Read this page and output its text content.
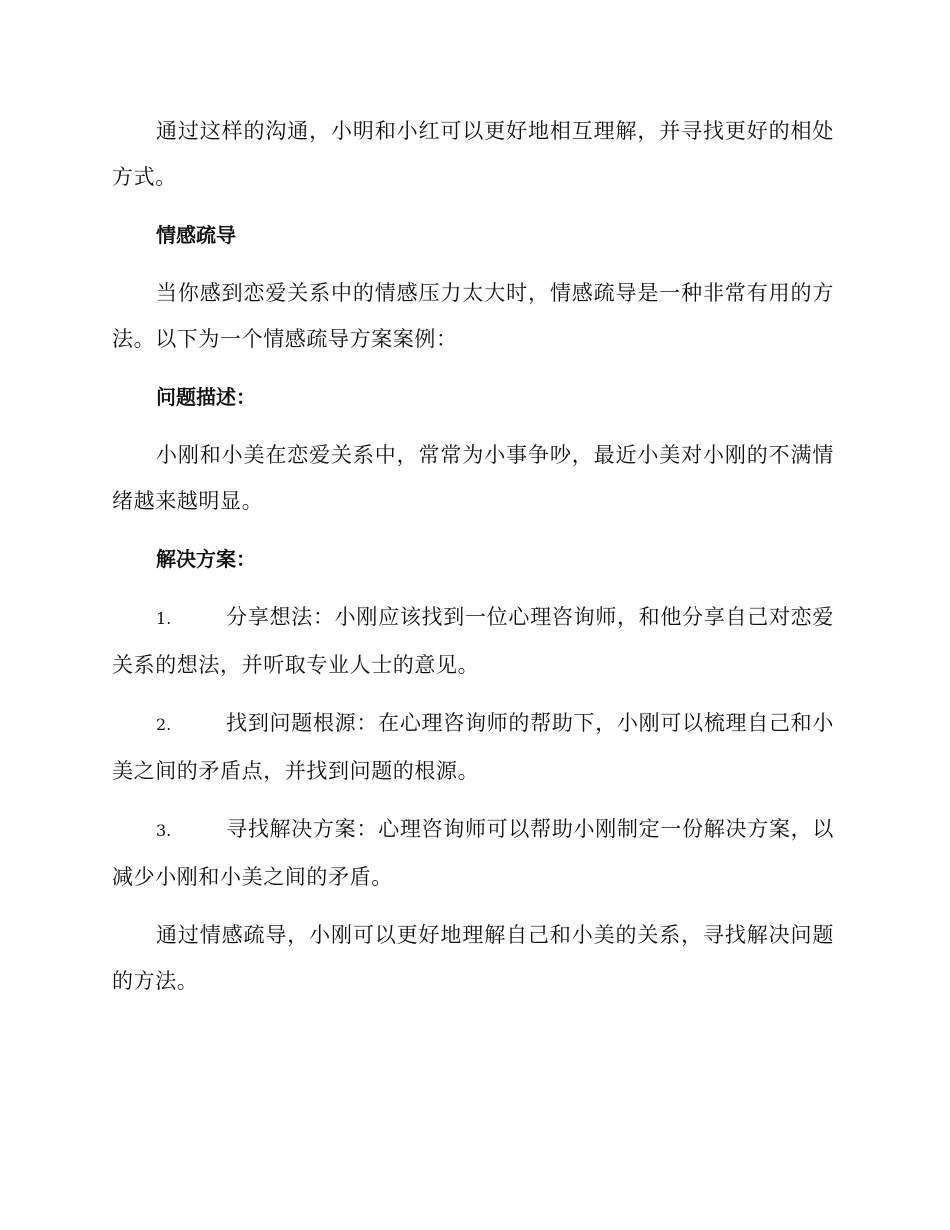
通过这样的沟通，小明和小红可以更好地相互理解，并寻找更好的相处方式。

情感疏导

当你感到恋爱关系中的情感压力太大时，情感疏导是一种非常有用的方法。以下为一个情感疏导方案案例：

问题描述：

小刚和小美在恋爱关系中，常常为小事争吵，最近小美对小刚的不满情绪越来越明显。

解决方案：

1.	分享想法：小刚应该找到一位心理咨询师，和他分享自己对恋爱关系的想法，并听取专业人士的意见。

2.	找到问题根源：在心理咨询师的帮助下，小刚可以梳理自己和小美之间的矛盾点，并找到问题的根源。

3.	寻找解决方案：心理咨询师可以帮助小刚制定一份解决方案，以减少小刚和小美之间的矛盾。

通过情感疏导，小刚可以更好地理解自己和小美的关系，寻找解决问题的方法。
